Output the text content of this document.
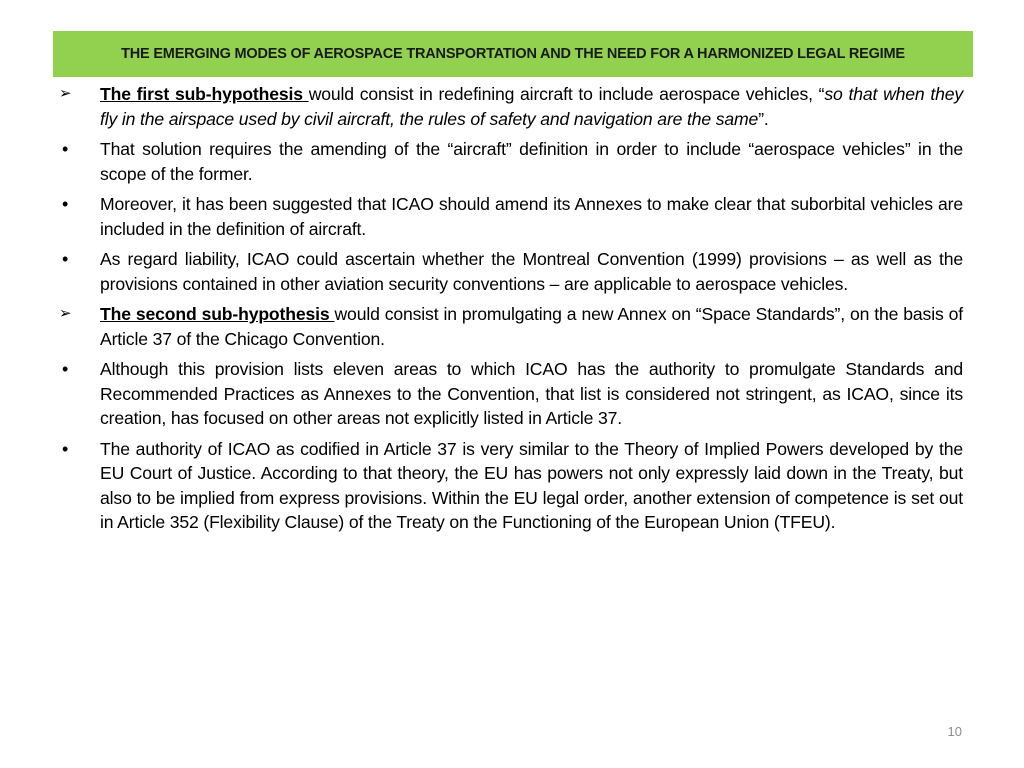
THE EMERGING MODES OF AEROSPACE TRANSPORTATION AND THE NEED FOR A HARMONIZED LEGAL REGIME
➢	The first sub-hypothesis would consist in redefining aircraft to include aerospace vehicles, “so that when they fly in the airspace used by civil aircraft, the rules of safety and navigation are the same”.
•	That solution requires the amending of the “aircraft” definition in order to include “aerospace vehicles” in the scope of the former.
•	Moreover, it has been suggested that ICAO should amend its Annexes to make clear that suborbital vehicles are included in the definition of aircraft.
•	As regard liability, ICAO could ascertain whether the Montreal Convention (1999) provisions – as well as the provisions contained in other aviation security conventions – are applicable to aerospace vehicles.
➢	The second sub-hypothesis would consist in promulgating a new Annex on “Space Standards”, on the basis of Article 37 of the Chicago Convention.
•	Although this provision lists eleven areas to which ICAO has the authority to promulgate Standards and Recommended Practices as Annexes to the Convention, that list is considered not stringent, as ICAO, since its creation, has focused on other areas not explicitly listed in Article 37.
•	The authority of ICAO as codified in Article 37 is very similar to the Theory of Implied Powers developed by the EU Court of Justice. According to that theory, the EU has powers not only expressly laid down in the Treaty, but also to be implied from express provisions. Within the EU legal order, another extension of competence is set out in Article 352 (Flexibility Clause) of the Treaty on the Functioning of the European Union (TFEU).
10
